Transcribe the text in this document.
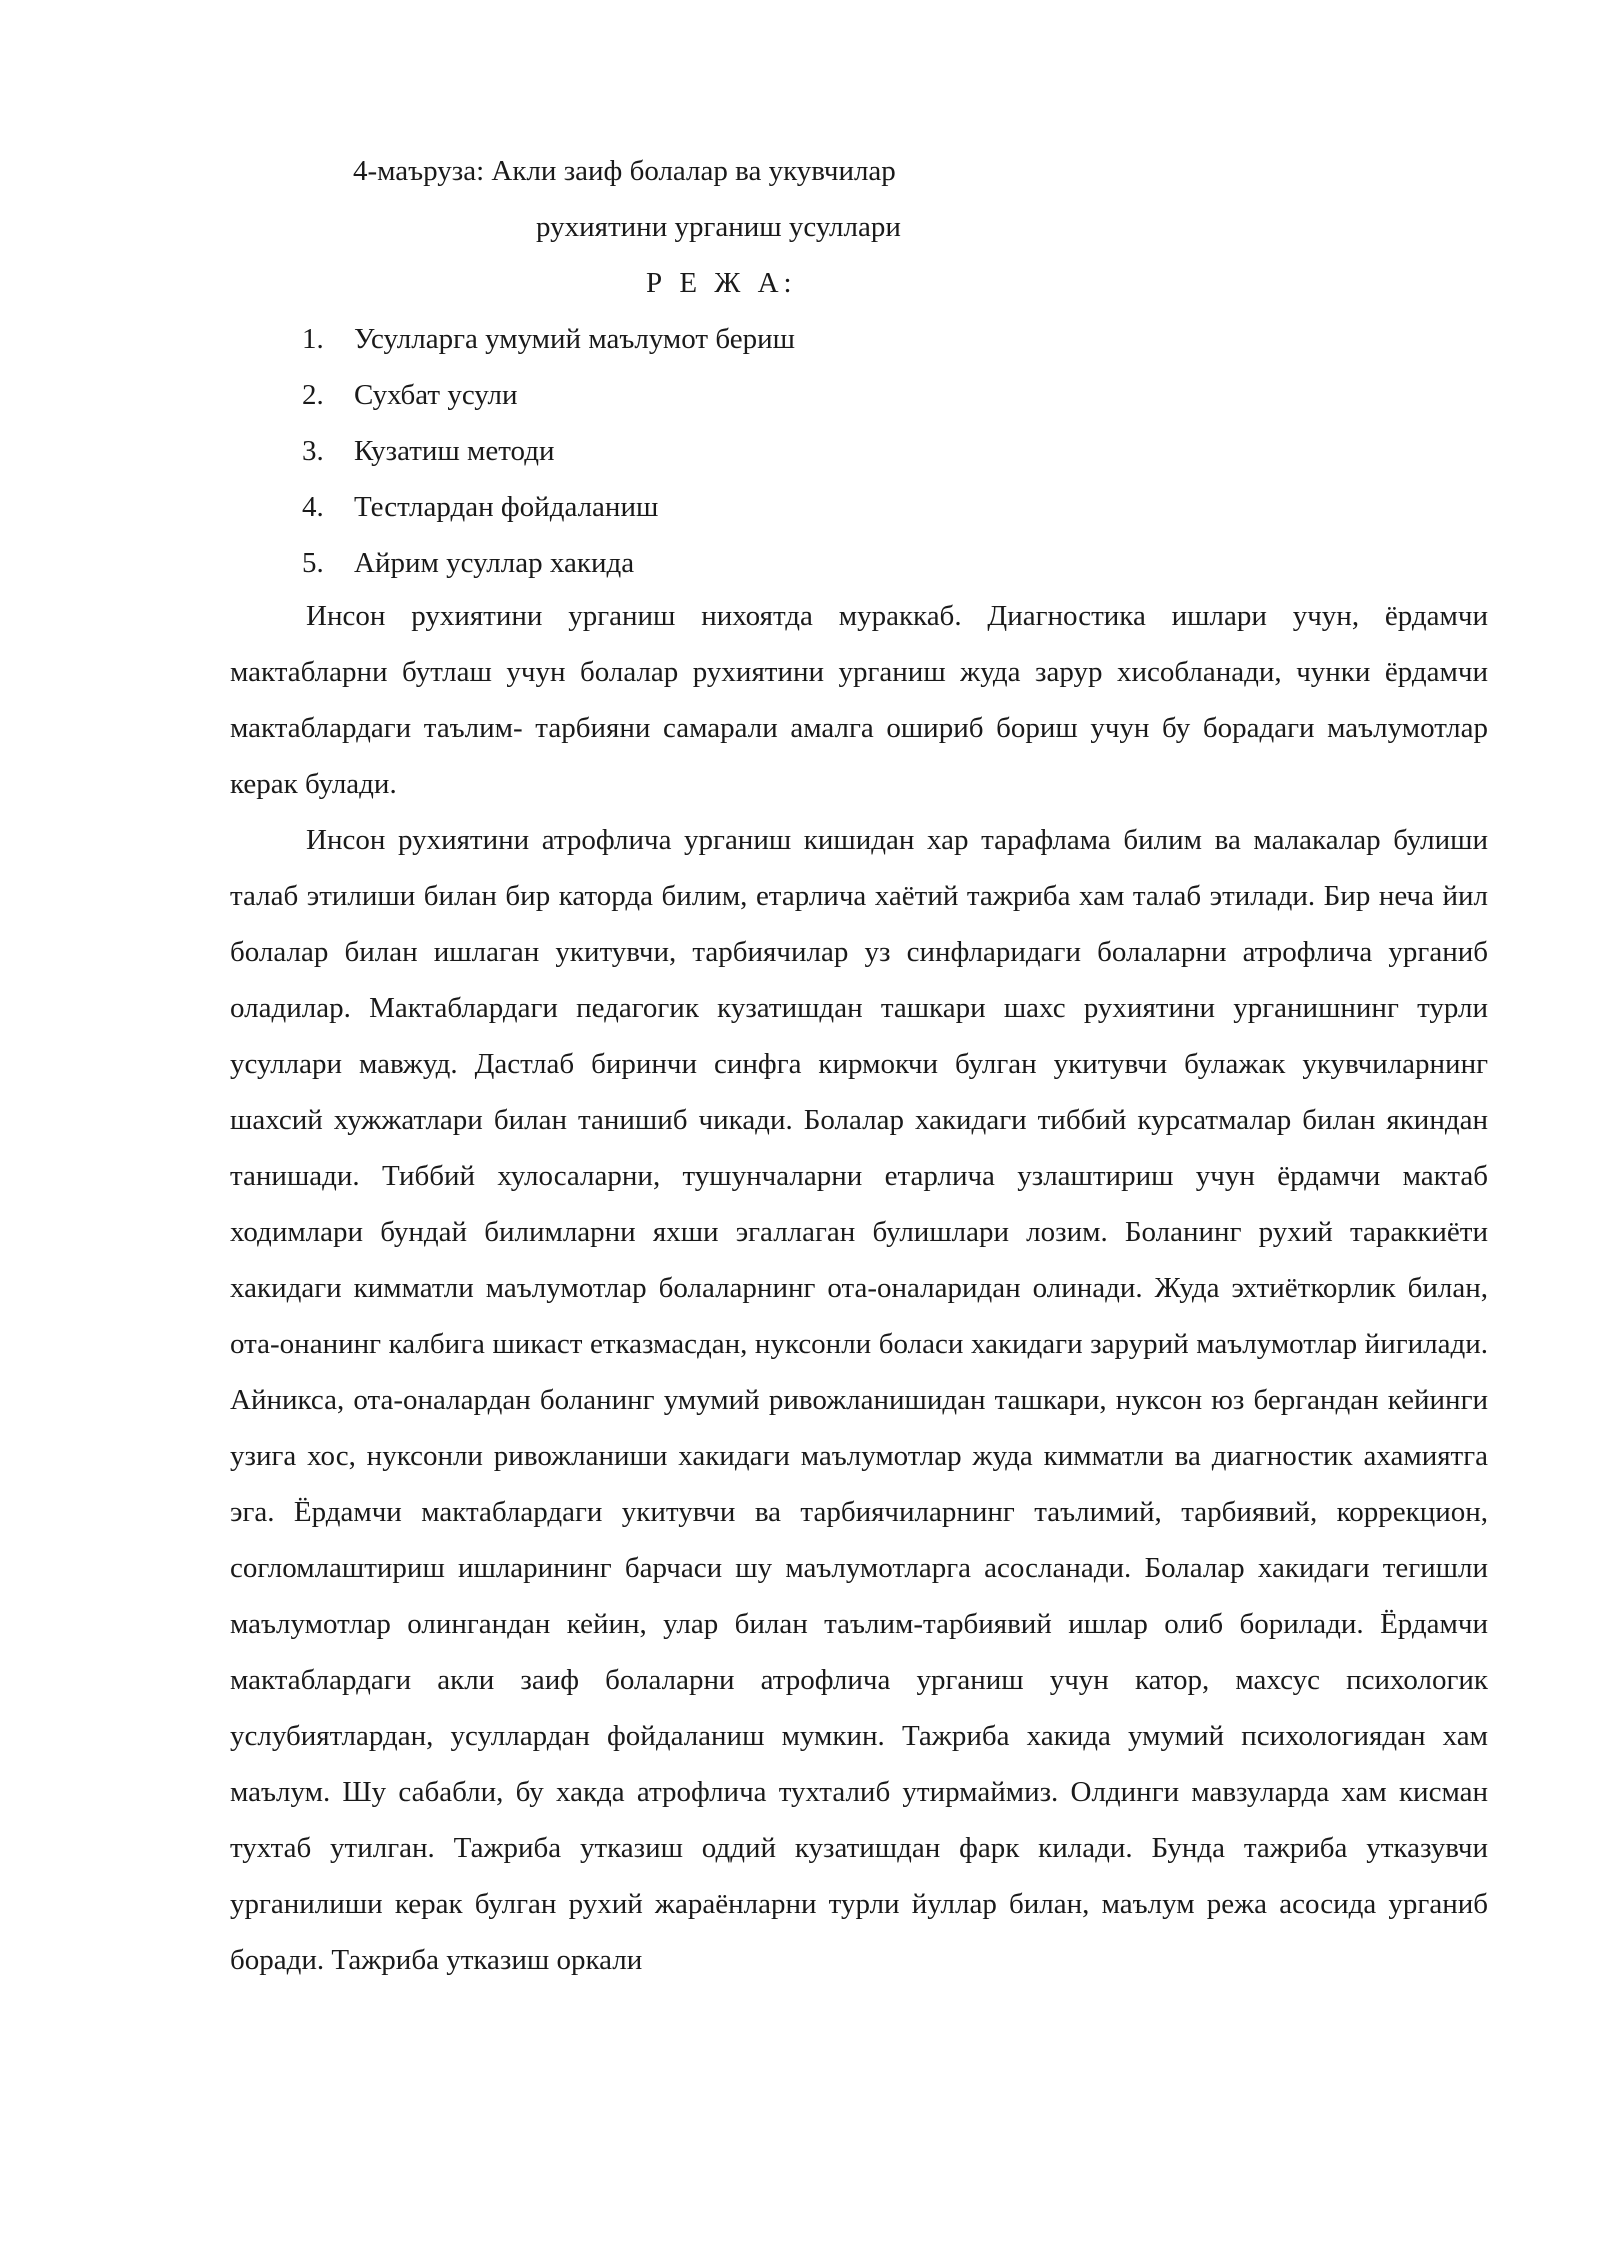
4-маъруза: Акли заиф болалар ва укувчилар
рухиятини урганиш усуллари
Р Е Ж А:
1. Усулларга умумий маълумот бериш
2. Сухбат усули
3. Кузатиш методи
4. Тестлардан фойдаланиш
5. Айрим усуллар хакида

Инсон рухиятини урганиш нихоятда мураккаб. Диагностика ишлари учун, ёрдамчи мактабларни бутлаш учун болалар рухиятини урганиш жуда зарур хисобланади, чунки ёрдамчи мактаблардаги таълим- тарбияни самарали амалга ошириб бориш учун бу борадаги маълумотлар керак булади.

Инсон рухиятини атрофлича урганиш кишидан хар тарафлама билим ва малакалар булиши талаб этилиши билан бир каторда билим, етарлича хаётий тажриба хам талаб этилади. Бир неча йил болалар билан ишлаган укитувчи, тарбиячилар уз синфларидаги болаларни атрофлича урганиб оладилар. Мактаблардаги педагогик кузатишдан ташкари шахс рухиятини урганишнинг турли усуллари мавжуд. Дастлаб биринчи синфга кирмокчи булган укитувчи булажак укувчиларнинг шахсий хужжатлари билан танишиб чикади. Болалар хакидаги тиббий курсатмалар билан якиндан танишади. Тиббий хулосаларни, тушунчаларни етарлича узлаштириш учун ёрдамчи мактаб ходимлари бундай билимларни яхши эгаллаган булишлари лозим. Боланинг рухий тараккиёти хакидаги кимматли маълумотлар болаларнинг ота-оналаридан олинади. Жуда эхтиёткорлик билан, ота-онанинг калбига шикаст етказмасдан, нуксонли боласи хакидаги зарурий маълумотлар йигилади. Айникса, ота-оналардан боланинг умумий ривожланишидан ташкари, нуксон юз бергандан кейинги узига хос, нуксонли ривожланиши хакидаги маълумотлар жуда кимматли ва диагностик ахамиятга эга. Ёрдамчи мактаблардаги укитувчи ва тарбиячиларнинг таълимий, тарбиявий, коррекцион, согломлаштириш ишларининг барчаси шу маълумотларга асосланади. Болалар хакидаги тегишли маълумотлар олингандан кейин, улар билан таълим-тарбиявий ишлар олиб борилади. Ёрдамчи мактаблардаги акли заиф болаларни атрофлича урганиш учун катор, махсус психологик услубиятлардан, усуллардан фойдаланиш мумкин. Тажриба хакида умумий психологиядан хам маълум. Шу сабабли, бу хакда атрофлича тухталиб утирмаймиз. Олдинги мавзуларда хам кисман тухтаб утилган. Тажриба утказиш оддий кузатишдан фарк килади. Бунда тажриба утказувчи урганилиши керак булган рухий жараёнларни турли йуллар билан, маълум режа асосида урганиб боради. Тажриба утказиш оркали
